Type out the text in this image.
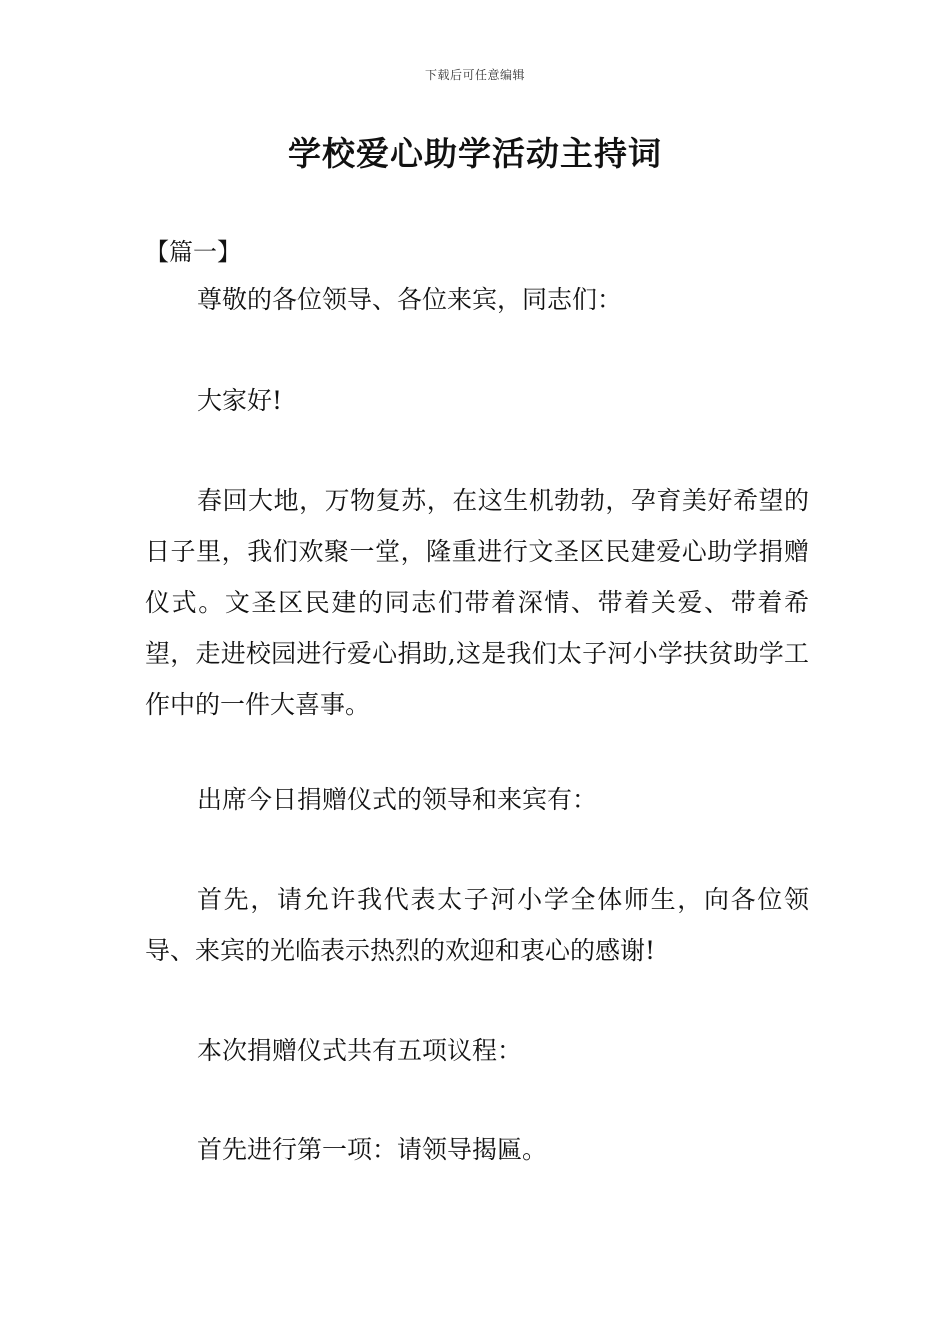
下载后可任意编辑
学校爱心助学活动主持词
【篇一】

尊敬的各位领导、各位来宾，同志们：

大家好!

春回大地，万物复苏，在这生机勃勃，孕育美好希望的日子里，我们欢聚一堂，隆重进行文圣区民建爱心助学捐赠仪式。文圣区民建的同志们带着深情、带着关爱、带着希望，走进校园进行爱心捐助,这是我们太子河小学扶贫助学工作中的一件大喜事。

出席今日捐赠仪式的领导和来宾有：

首先，请允许我代表太子河小学全体师生，向各位领导、来宾的光临表示热烈的欢迎和衷心的感谢!

本次捐赠仪式共有五项议程：

首先进行第一项：请领导揭匾。
